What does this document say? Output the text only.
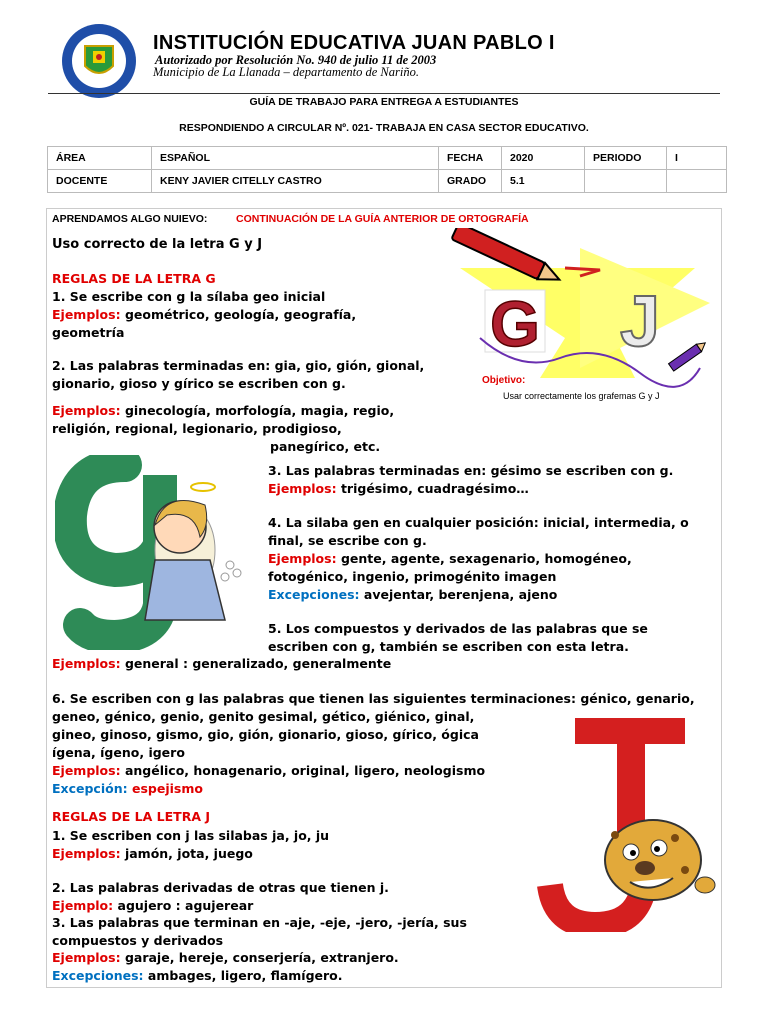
INSTITUCIÓN EDUCATIVA JUAN PABLO I
Autorizado por Resolución No. 940 de julio 11 de 2003
Municipio de La Llanada – departamento de Nariño.
GUÍA DE TRABAJO PARA ENTREGA A ESTUDIANTES
RESPONDIENDO A CIRCULAR Nº. 021- TRABAJA EN CASA SECTOR EDUCATIVO.
ÁREA	ESPAÑOL	FECHA	2020	PERIODO	I
DOCENTE	KENY JAVIER CITELLY CASTRO	GRADO	5.1		
APRENDAMOS ALGO NUIEVO:	CONTINUACIÓN DE LA GUÍA ANTERIOR DE ORTOGRAFÍA
Uso correcto de la letra G y J
G J
Objetivo:
Usar correctamente los grafemas G y J
REGLAS DE LA LETRA G
1. Se escribe con g la sílaba geo inicial
Ejemplos: geométrico, geología, geografía,
geometría
2. Las palabras terminadas en: gia, gio, gión, gional,
gionario, gioso y gírico se escriben con g.
Ejemplos: ginecología, morfología, magia, regio,
religión, regional, legionario, prodigioso,
panegírico, etc.
3. Las palabras terminadas en: gésimo se escriben con g.
Ejemplos: trigésimo, cuadragésimo…
4. La silaba gen en cualquier posición: inicial, intermedia, o
final, se escribe con g.
Ejemplos: gente, agente, sexagenario, homogéneo,
fotogénico, ingenio, primogénito imagen
Excepciones: avejentar, berenjena, ajeno
5. Los compuestos y derivados de las palabras que se
escriben con g, también se escriben con esta letra.
Ejemplos: general : generalizado, generalmente
6. Se escriben con g las palabras que tienen las siguientes terminaciones: génico, genario,
geneo, génico, genio, genito gesimal, gético, giénico, ginal,
gineo, ginoso, gismo, gio, gión, gionario, gioso, gírico, ógica
ígena, ígeno, igero
Ejemplos: angélico, honagenario, original, ligero, neologismo
Excepción: espejismo
REGLAS DE LA LETRA J
1. Se escriben con j las silabas ja, jo, ju
Ejemplos: jamón, jota, juego
2. Las palabras derivadas de otras que tienen j.
Ejemplo: agujero : agujerear
3. Las palabras que terminan en -aje, -eje, -jero, -jería, sus
compuestos y derivados
Ejemplos: garaje, hereje, conserjería, extranjero.
Excepciones: ambages, ligero, flamígero.
